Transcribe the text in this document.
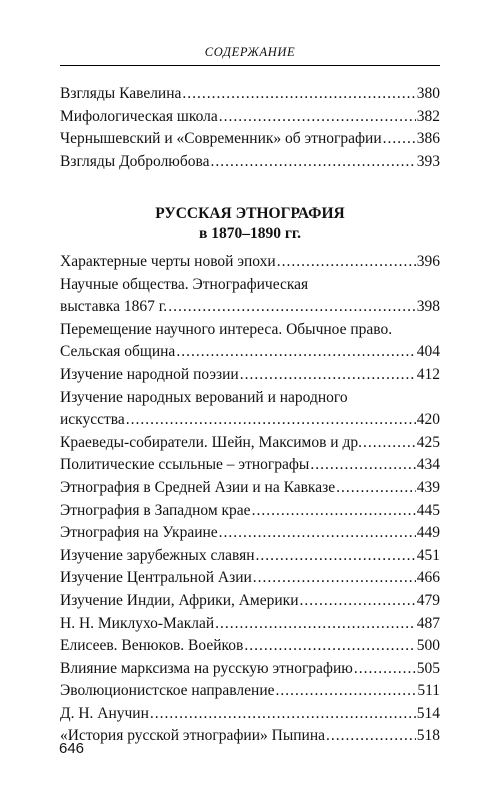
СОДЕРЖАНИЕ
Взгляды Кавелина .....	380
Мифологическая школа .....	382
Чернышевский и «Современник» об этнографии ..... 386
Взгляды Добролюбова .....	393
РУССКАЯ ЭТНОГРАФИЯ
в 1870–1890 гг.
Характерные черты новой эпохи .....	396
Научные общества. Этнографическая
выставка 1867 г. .....	398
Перемещение научного интереса. Обычное право.
Сельская община .....	404
Изучение народной поэзии .....	412
Изучение народных верований и народного
искусства .....	420
Краеведы-собиратели. Шейн, Максимов и др. .....	425
Политические ссыльные – этнографы .....	434
Этнография в Средней Азии и на Кавказе .....	439
Этнография в Западном крае .....	445
Этнография на Украине .....	449
Изучение зарубежных славян .....	451
Изучение Центральной Азии .....	466
Изучение Индии, Африки, Америки .....	479
Н. Н. Миклухо-Маклай .....	487
Елисеев. Венюков. Воейков .....	500
Влияние марксизма на русскую этнографию .....	505
Эволюционистское направление .....	511
Д. Н. Анучин .....	514
«История русской этнографии» Пыпина .....	518
646
